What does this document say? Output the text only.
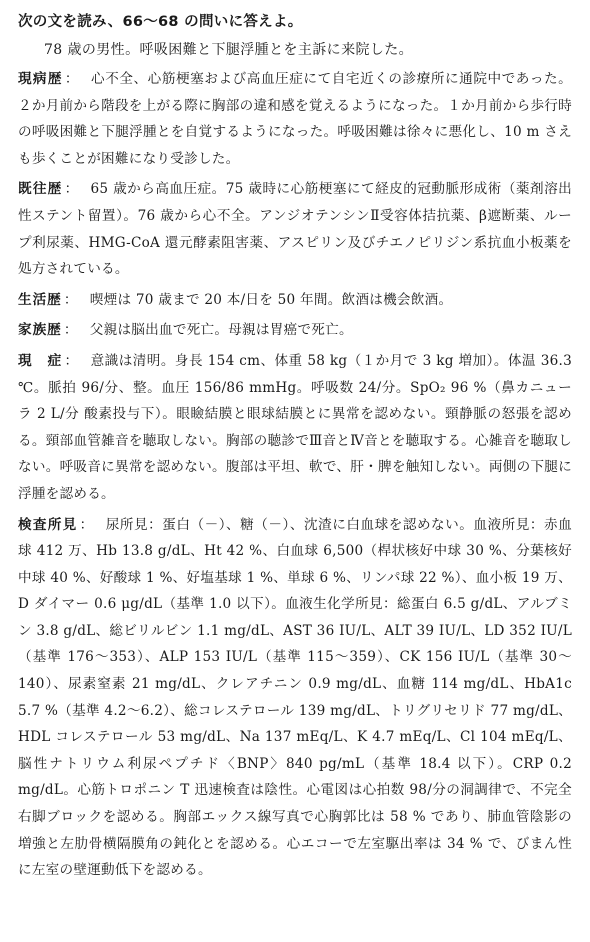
次の文を読み、66〜68 の問いに答えよ。
78 歳の男性。呼吸困難と下腿浮腫とを主訴に来院した。
現病歴 ： 心不全、心筋梗塞および高血圧症にて自宅近くの診療所に通院中であった。２か月前から階段を上がる際に胸部の違和感を覚えるようになった。１か月前から歩行時の呼吸困難と下腿浮腫とを自覚するようになった。呼吸困難は徐々に悪化し、10 m さえも歩くことが困難になり受診した。
既往歴 ： 65 歳から高血圧症。75 歳時に心筋梗塞にて経皮的冠動脈形成術（薬剤溶出性ステント留置）。76 歳から心不全。アンジオテンシンⅡ受容体拮抗薬、β遮断薬、ループ利尿薬、HMG-CoA 還元酵素阻害薬、アスピリン及びチエノピリジン系抗血小板薬を処方されている。
生活歴 ： 喫煙は 70 歳まで 20 本/日を 50 年間。飲酒は機会飲酒。
家族歴 ： 父親は脳出血で死亡。母親は胃癌で死亡。
現　症 ： 意識は清明。身長 154 cm、体重 58 kg（１か月で 3 kg 増加）。体温 36.3 ℃。脈拍 96/分、整。血圧 156/86 mmHg。呼吸数 24/分。SpO₂ 96 %（鼻カニューラ 2 L/分 酸素投与下）。眼瞼結膜と眼球結膜とに異常を認めない。頸静脈の怒張を認める。頸部血管雑音を聴取しない。胸部の聴診でⅢ音とⅣ音とを聴取する。心雑音を聴取しない。呼吸音に異常を認めない。腹部は平坦、軟で、肝・脾を触知しない。両側の下腿に浮腫を認める。
検査所見 ： 尿所見：蛋白（－）、糖（－）、沈渣に白血球を認めない。血液所見：赤血球 412 万、Hb 13.8 g/dL、Ht 42 %、白血球 6,500（桿状核好中球 30 %、分葉核好中球 40 %、好酸球 1 %、好塩基球 1 %、単球 6 %、リンパ球 22 %）、血小板 19 万、D ダイマー 0.6 μg/dL（基準 1.0 以下）。血液生化学所見：総蛋白 6.5 g/dL、アルブミン 3.8 g/dL、総ビリルビン 1.1 mg/dL、AST 36 IU/L、ALT 39 IU/L、LD 352 IU/L（基準 176〜353）、ALP 153 IU/L（基準 115〜359）、CK 156 IU/L（基準 30〜140）、尿素窒素 21 mg/dL、クレアチニン 0.9 mg/dL、血糖 114 mg/dL、HbA1c 5.7 %（基準 4.2〜6.2）、総コレステロール 139 mg/dL、トリグリセリド 77 mg/dL、HDL コレステロール 53 mg/dL、Na 137 mEq/L、K 4.7 mEq/L、Cl 104 mEq/L、脳性ナトリウム利尿ペプチド〈BNP〉840 pg/mL（基準 18.4 以下）。CRP 0.2 mg/dL。心筋トロポニン T 迅速検査は陰性。心電図は心拍数 98/分の洞調律で、不完全右脚ブロックを認める。胸部エックス線写真で心胸郭比は 58 % であり、肺血管陰影の増強と左肋骨横隔膜角の鈍化とを認める。心エコーで左室駆出率は 34 % で、びまん性に左室の壁運動低下を認める。
